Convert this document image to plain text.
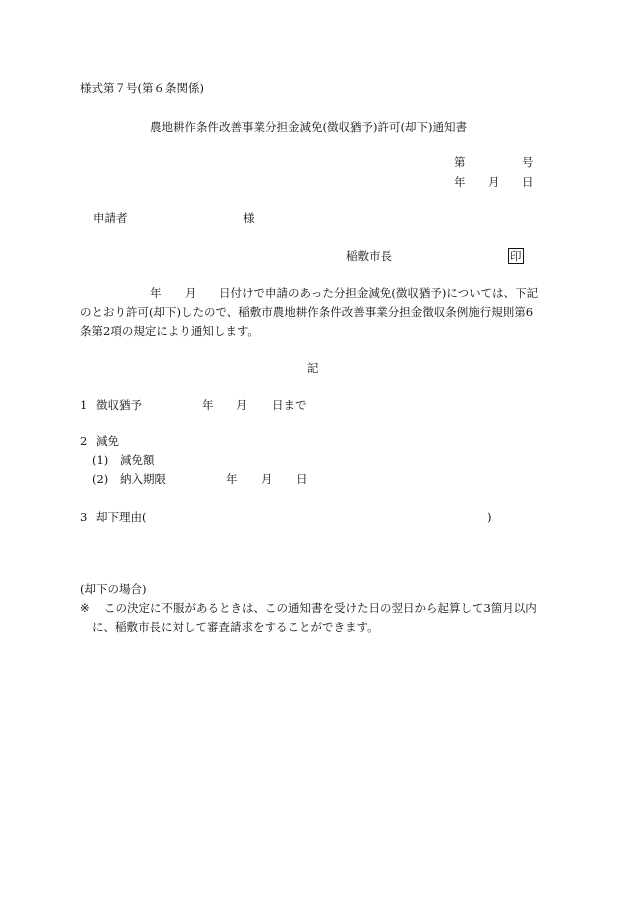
様式第７号(第６条関係)
農地耕作条件改善事業分担金減免(徴収猶予)許可(却下)通知書
第	号
年 月 日
申請者	様
稲敷市長	印
年 月 日付けで申請のあった分担金減免(徴収猶予)については、下記
のとおり許可(却下)したので、稲敷市農地耕作条件改善事業分担金徴収条例施行規則第6
条第2項の規定により通知します。
記
1 徴収猶予	年 月 日まで
2 減免
(1) 減免額
(2) 納入期限	年 月 日
3 却下理由(	)
(却下の場合)
※ この決定に不服があるときは、この通知書を受けた日の翌日から起算して3箇月以内
に、稲敷市長に対して審査請求をすることができます。
